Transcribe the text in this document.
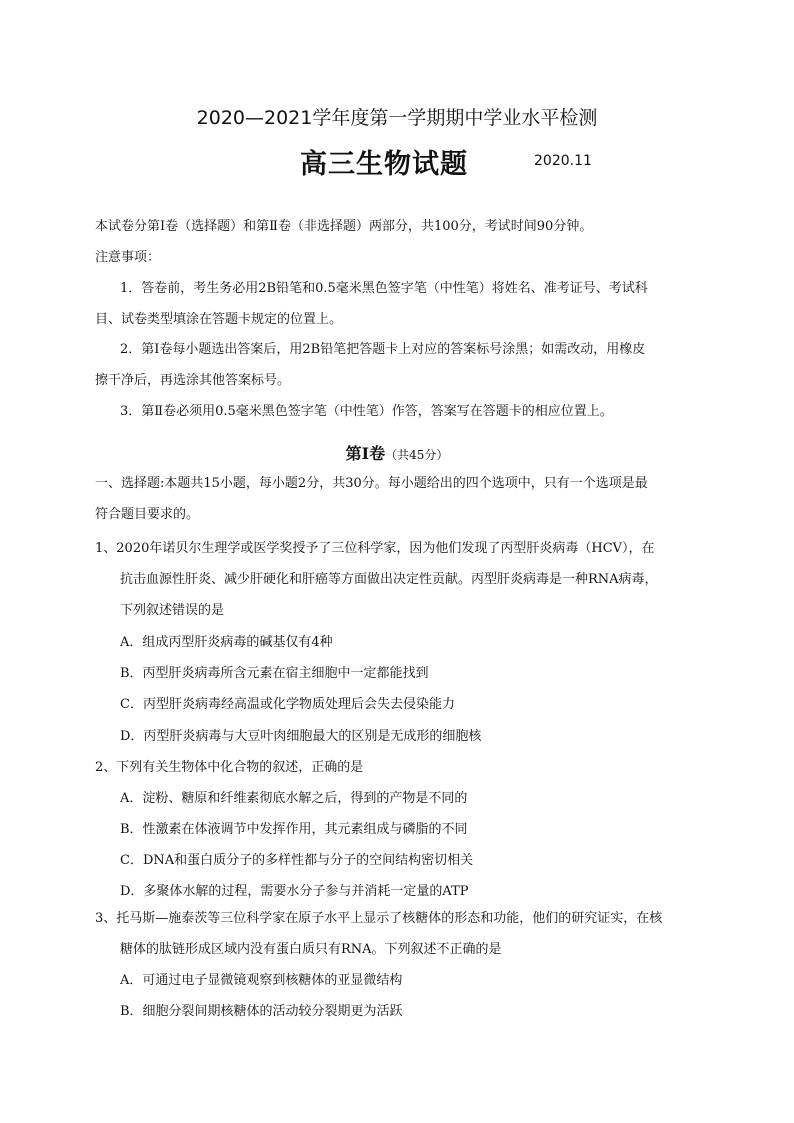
2020—2021学年度第一学期期中学业水平检测
高三生物试题	2020.11
本试卷分第Ⅰ卷（选择题）和第Ⅱ卷（非选择题）两部分，共100分，考试时间90分钟。
注意事项：
1．答卷前，考生务必用2B铅笔和0.5毫米黑色签字笔（中性笔）将姓名、准考证号、考试科
目、试卷类型填涂在答题卡规定的位置上。
2．第Ⅰ卷每小题选出答案后，用2B铅笔把答题卡上对应的答案标号涂黑；如需改动，用橡皮
擦干净后，再选涂其他答案标号。
3．第Ⅱ卷必须用0.5毫米黑色签字笔（中性笔）作答，答案写在答题卡的相应位置上。
第Ⅰ卷（共45分）
一、选择题:本题共15小题，每小题2分，共30分。每小题给出的四个选项中，只有一个选项是最
符合题目要求的。
1、2020年诺贝尔生理学或医学奖授予了三位科学家，因为他们发现了丙型肝炎病毒（HCV），在
抗击血源性肝炎、减少肝硬化和肝癌等方面做出决定性贡献。丙型肝炎病毒是一种RNA病毒，
下列叙述错误的是
A．组成丙型肝炎病毒的碱基仅有4种
B．丙型肝炎病毒所含元素在宿主细胞中一定都能找到
C．丙型肝炎病毒经高温或化学物质处理后会失去侵染能力
D．丙型肝炎病毒与大豆叶肉细胞最大的区别是无成形的细胞核
2、下列有关生物体中化合物的叙述，正确的是
A．淀粉、糖原和纤维素彻底水解之后，得到的产物是不同的
B．性激素在体液调节中发挥作用，其元素组成与磷脂的不同
C．DNA和蛋白质分子的多样性都与分子的空间结构密切相关
D．多聚体水解的过程，需要水分子参与并消耗一定量的ATP
3、托马斯—施泰茨等三位科学家在原子水平上显示了核糖体的形态和功能，他们的研究证实，在核
糖体的肽链形成区域内没有蛋白质只有RNA。下列叙述不正确的是
A．可通过电子显微镜观察到核糖体的亚显微结构
B．细胞分裂间期核糖体的活动较分裂期更为活跃
